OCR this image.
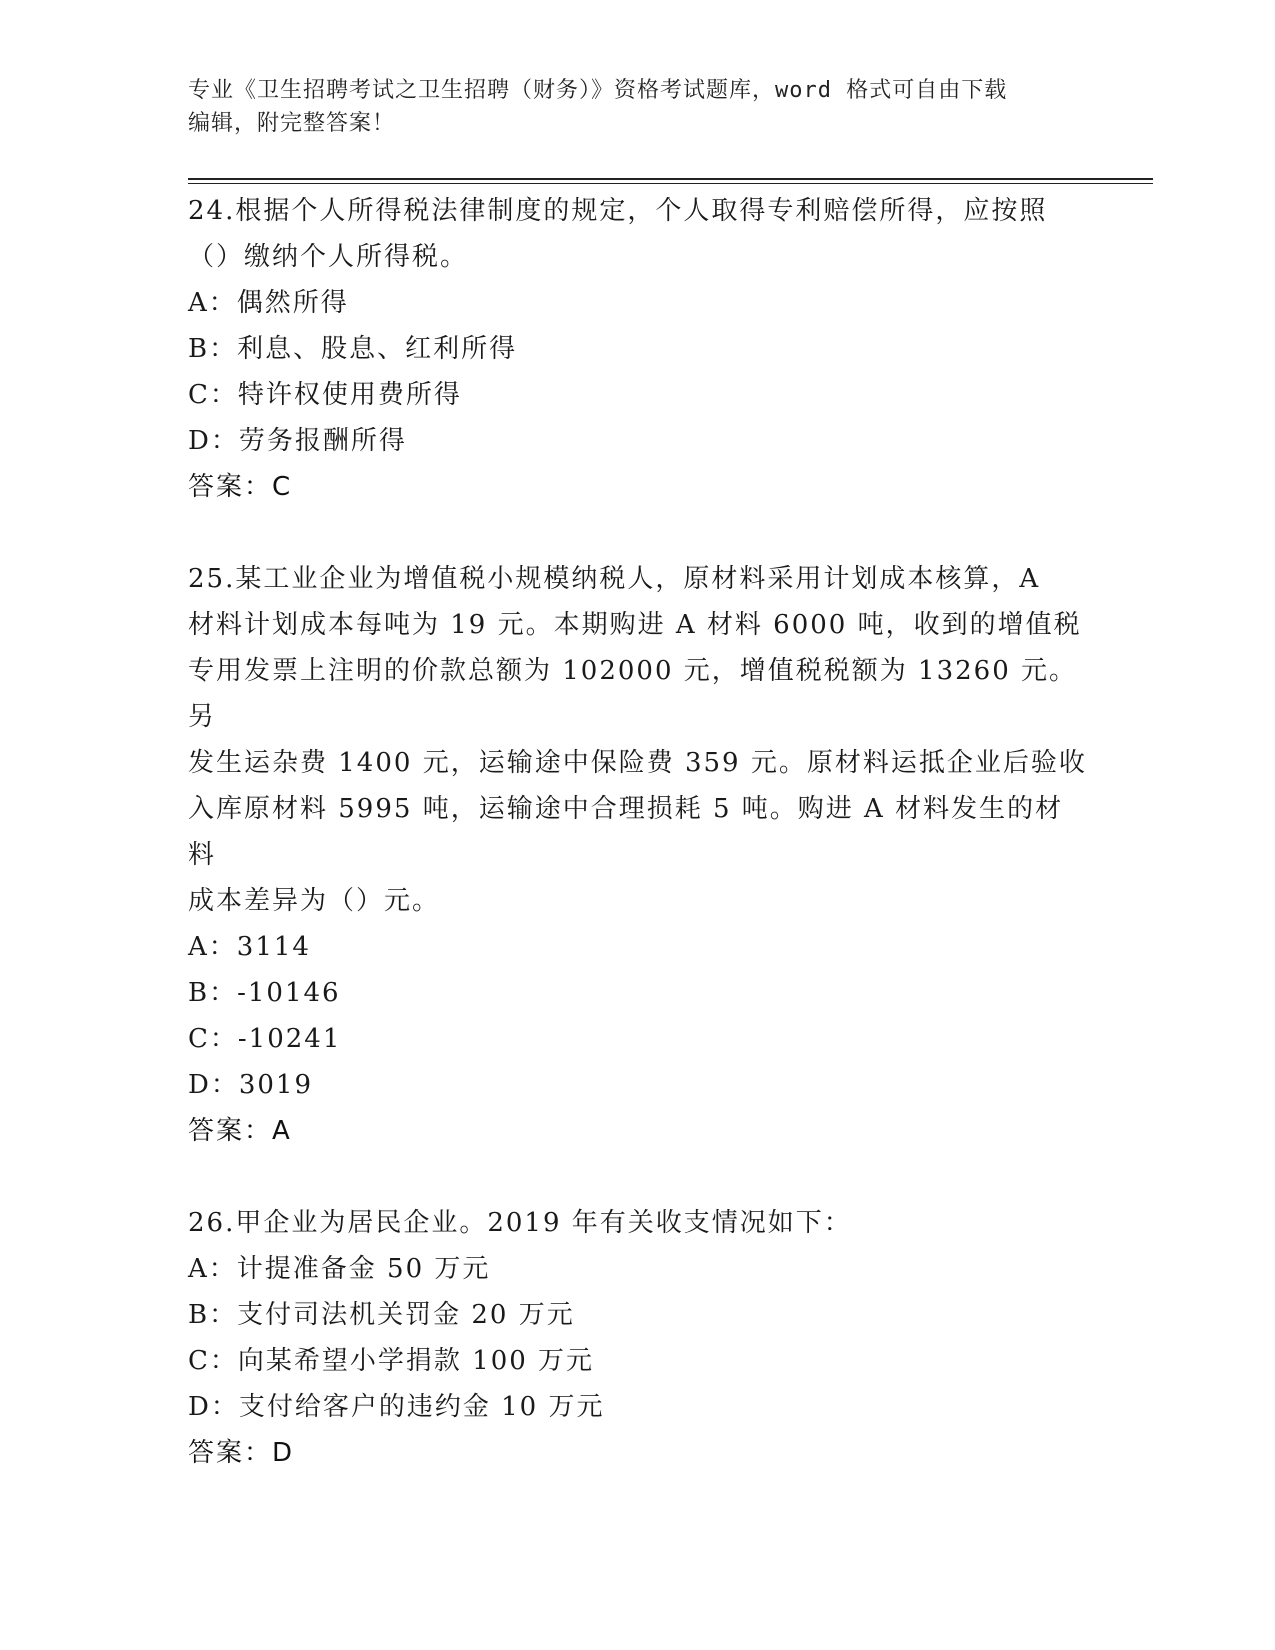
专业《卫生招聘考试之卫生招聘（财务）》资格考试题库，word 格式可自由下载
编辑，附完整答案！
24.根据个人所得税法律制度的规定，个人取得专利赔偿所得，应按照
（）缴纳个人所得税。
A：偶然所得
B：利息、股息、红利所得
C：特许权使用费所得
D：劳务报酬所得
答案：C
25.某工业企业为增值税小规模纳税人，原材料采用计划成本核算，A
材料计划成本每吨为 19 元。本期购进 A 材料 6000 吨，收到的增值税
专用发票上注明的价款总额为 102000 元，增值税税额为 13260 元。另
发生运杂费 1400 元，运输途中保险费 359 元。原材料运抵企业后验收
入库原材料 5995 吨，运输途中合理损耗 5 吨。购进 A 材料发生的材料
成本差异为（）元。
A：3114
B：-10146
C：-10241
D：3019
答案：A
26.甲企业为居民企业。2019 年有关收支情况如下：
A：计提准备金 50 万元
B：支付司法机关罚金 20 万元
C：向某希望小学捐款 100 万元
D：支付给客户的违约金 10 万元
答案：D
